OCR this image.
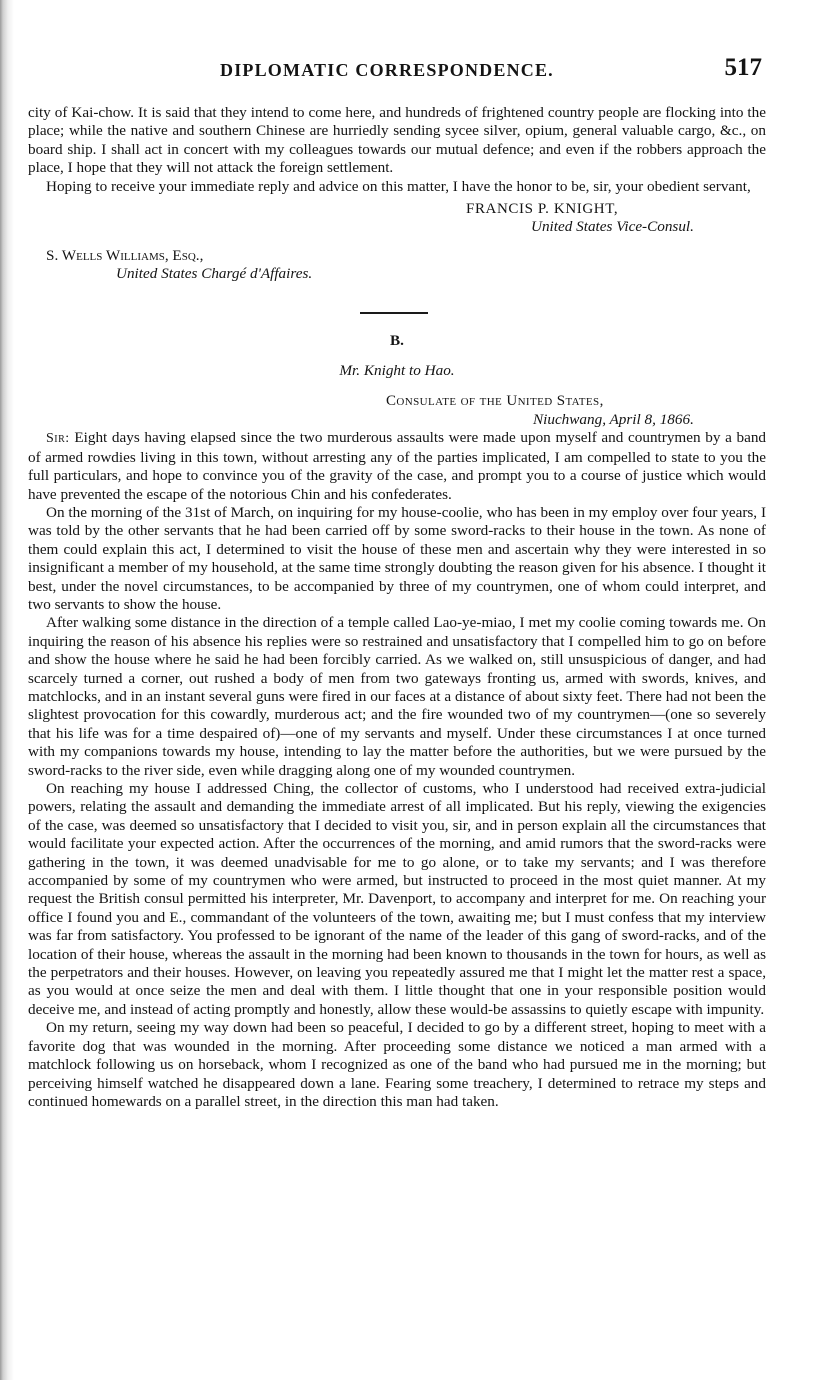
DIPLOMATIC CORRESPONDENCE.	517

city of Kai-chow. It is said that they intend to come here, and hundreds of frightened country people are flocking into the place; while the native and southern Chinese are hurriedly sending sycee silver, opium, general valuable cargo, &c., on board ship. I shall act in concert with my colleagues towards our mutual defence; and even if the robbers approach the place, I hope that they will not attack the foreign settlement.

Hoping to receive your immediate reply and advice on this matter, I have the honor to be, sir, your obedient servant,

FRANCIS P. KNIGHT,

United States Vice-Consul.

S. Wells Williams, Esq.,

United States Chargé d'Affaires.

B.

Mr. Knight to Hao.

Consulate of the United States,

Niuchwang, April 8, 1866.

Sir: Eight days having elapsed since the two murderous assaults were made upon myself and countrymen by a band of armed rowdies living in this town, without arresting any of the parties implicated, I am compelled to state to you the full particulars, and hope to convince you of the gravity of the case, and prompt you to a course of justice which would have prevented the escape of the notorious Chin and his confederates.

On the morning of the 31st of March, on inquiring for my house-coolie, who has been in my employ over four years, I was told by the other servants that he had been carried off by some sword-racks to their house in the town. As none of them could explain this act, I determined to visit the house of these men and ascertain why they were interested in so insignificant a member of my household, at the same time strongly doubting the reason given for his absence. I thought it best, under the novel circumstances, to be accompanied by three of my countrymen, one of whom could interpret, and two servants to show the house.

After walking some distance in the direction of a temple called Lao-ye-miao, I met my coolie coming towards me. On inquiring the reason of his absence his replies were so restrained and unsatisfactory that I compelled him to go on before and show the house where he said he had been forcibly carried. As we walked on, still unsuspicious of danger, and had scarcely turned a corner, out rushed a body of men from two gateways fronting us, armed with swords, knives, and matchlocks, and in an instant several guns were fired in our faces at a distance of about sixty feet. There had not been the slightest provocation for this cowardly, murderous act; and the fire wounded two of my countrymen—(one so severely that his life was for a time despaired of)—one of my servants and myself. Under these circumstances I at once turned with my companions towards my house, intending to lay the matter before the authorities, but we were pursued by the sword-racks to the river side, even while dragging along one of my wounded countrymen.

On reaching my house I addressed Ching, the collector of customs, who I understood had received extra-judicial powers, relating the assault and demanding the immediate arrest of all implicated. But his reply, viewing the exigencies of the case, was deemed so unsatisfactory that I decided to visit you, sir, and in person explain all the circumstances that would facilitate your expected action. After the occurrences of the morning, and amid rumors that the sword-racks were gathering in the town, it was deemed unadvisable for me to go alone, or to take my servants; and I was therefore accompanied by some of my countrymen who were armed, but instructed to proceed in the most quiet manner. At my request the British consul permitted his interpreter, Mr. Davenport, to accompany and interpret for me. On reaching your office I found you and E., commandant of the volunteers of the town, awaiting me; but I must confess that my interview was far from satisfactory. You professed to be ignorant of the name of the leader of this gang of sword-racks, and of the location of their house, whereas the assault in the morning had been known to thousands in the town for hours, as well as the perpetrators and their houses. However, on leaving you repeatedly assured me that I might let the matter rest a space, as you would at once seize the men and deal with them. I little thought that one in your responsible position would deceive me, and instead of acting promptly and honestly, allow these would-be assassins to quietly escape with impunity.

On my return, seeing my way down had been so peaceful, I decided to go by a different street, hoping to meet with a favorite dog that was wounded in the morning. After proceeding some distance we noticed a man armed with a matchlock following us on horseback, whom I recognized as one of the band who had pursued me in the morning; but perceiving himself watched he disappeared down a lane. Fearing some treachery, I determined to retrace my steps and continued homewards on a parallel street, in the direction this man had taken.
